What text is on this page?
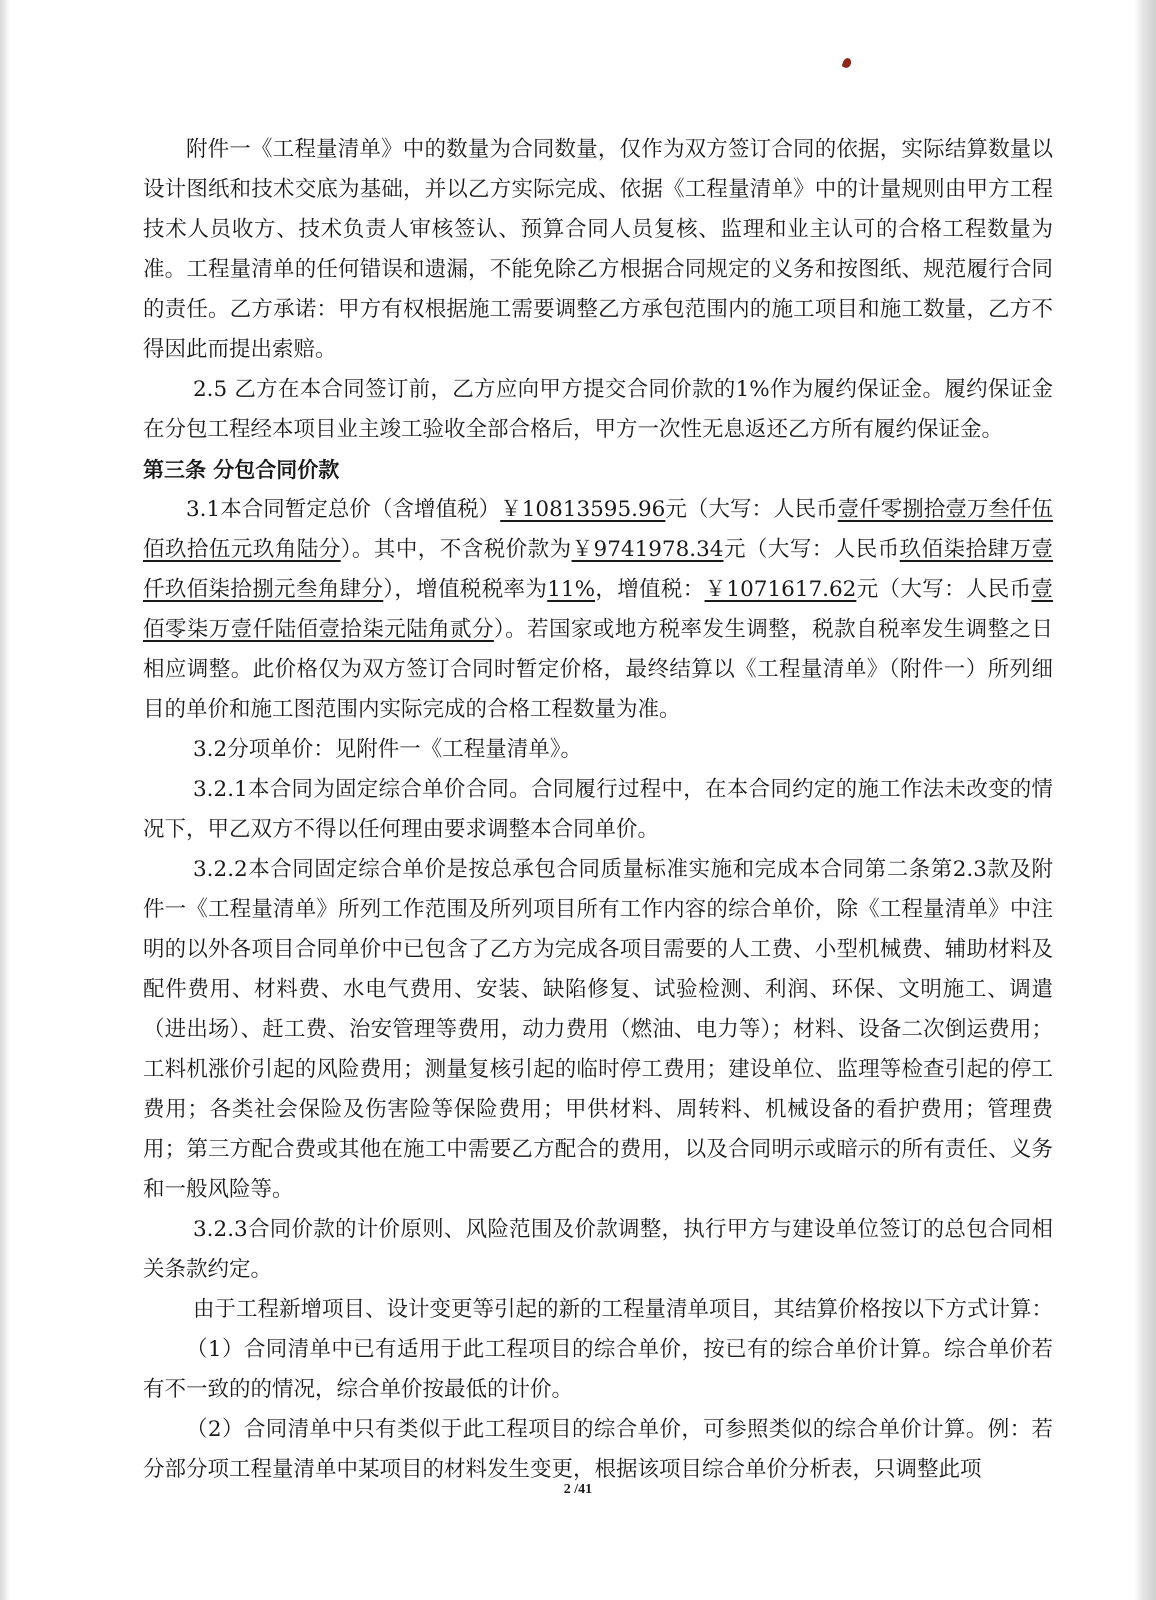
附件一《工程量清单》中的数量为合同数量，仅作为双方签订合同的依据，实际结算数量以设计图纸和技术交底为基础，并以乙方实际完成、依据《工程量清单》中的计量规则由甲方工程技术人员收方、技术负责人审核签认、预算合同人员复核、监理和业主认可的合格工程数量为准。工程量清单的任何错误和遗漏，不能免除乙方根据合同规定的义务和按图纸、规范履行合同的责任。乙方承诺：甲方有权根据施工需要调整乙方承包范围内的施工项目和施工数量，乙方不得因此而提出索赔。

2.5 乙方在本合同签订前，乙方应向甲方提交合同价款的1%作为履约保证金。履约保证金在分包工程经本项目业主竣工验收全部合格后，甲方一次性无息返还乙方所有履约保证金。

第三条 分包合同价款

3.1本合同暂定总价（含增值税）￥10813595.96元（大写：人民币壹仟零捌拾壹万叁仟伍佰玖拾伍元玖角陆分）。其中，不含税价款为￥9741978.34元（大写：人民币玖佰柒拾肆万壹仟玖佰柒拾捌元叁角肆分），增值税税率为11%，增值税：￥1071617.62元（大写：人民币壹佰零柒万壹仟陆佰壹拾柒元陆角贰分）。若国家或地方税率发生调整，税款自税率发生调整之日相应调整。此价格仅为双方签订合同时暂定价格，最终结算以《工程量清单》（附件一）所列细目的单价和施工图范围内实际完成的合格工程数量为准。

3.2分项单价：见附件一《工程量清单》。

3.2.1本合同为固定综合单价合同。合同履行过程中，在本合同约定的施工作法未改变的情况下，甲乙双方不得以任何理由要求调整本合同单价。

3.2.2本合同固定综合单价是按总承包合同质量标准实施和完成本合同第二条第2.3款及附件一《工程量清单》所列工作范围及所列项目所有工作内容的综合单价，除《工程量清单》中注明的以外各项目合同单价中已包含了乙方为完成各项目需要的人工费、小型机械费、辅助材料及配件费用、材料费、水电气费用、安装、缺陷修复、试验检测、利润、环保、文明施工、调遣（进出场）、赶工费、治安管理等费用，动力费用（燃油、电力等）；材料、设备二次倒运费用；工料机涨价引起的风险费用；测量复核引起的临时停工费用；建设单位、监理等检查引起的停工费用；各类社会保险及伤害险等保险费用；甲供材料、周转料、机械设备的看护费用；管理费用；第三方配合费或其他在施工中需要乙方配合的费用，以及合同明示或暗示的所有责任、义务和一般风险等。

3.2.3合同价款的计价原则、风险范围及价款调整，执行甲方与建设单位签订的总包合同相关条款约定。

由于工程新增项目、设计变更等引起的新的工程量清单项目，其结算价格按以下方式计算：

（1）合同清单中已有适用于此工程项目的综合单价，按已有的综合单价计算。综合单价若有不一致的的情况，综合单价按最低的计价。

（2）合同清单中只有类似于此工程项目的综合单价，可参照类似的综合单价计算。例：若分部分项工程量清单中某项目的材料发生变更，根据该项目综合单价分析表，只调整此项

2 /41
